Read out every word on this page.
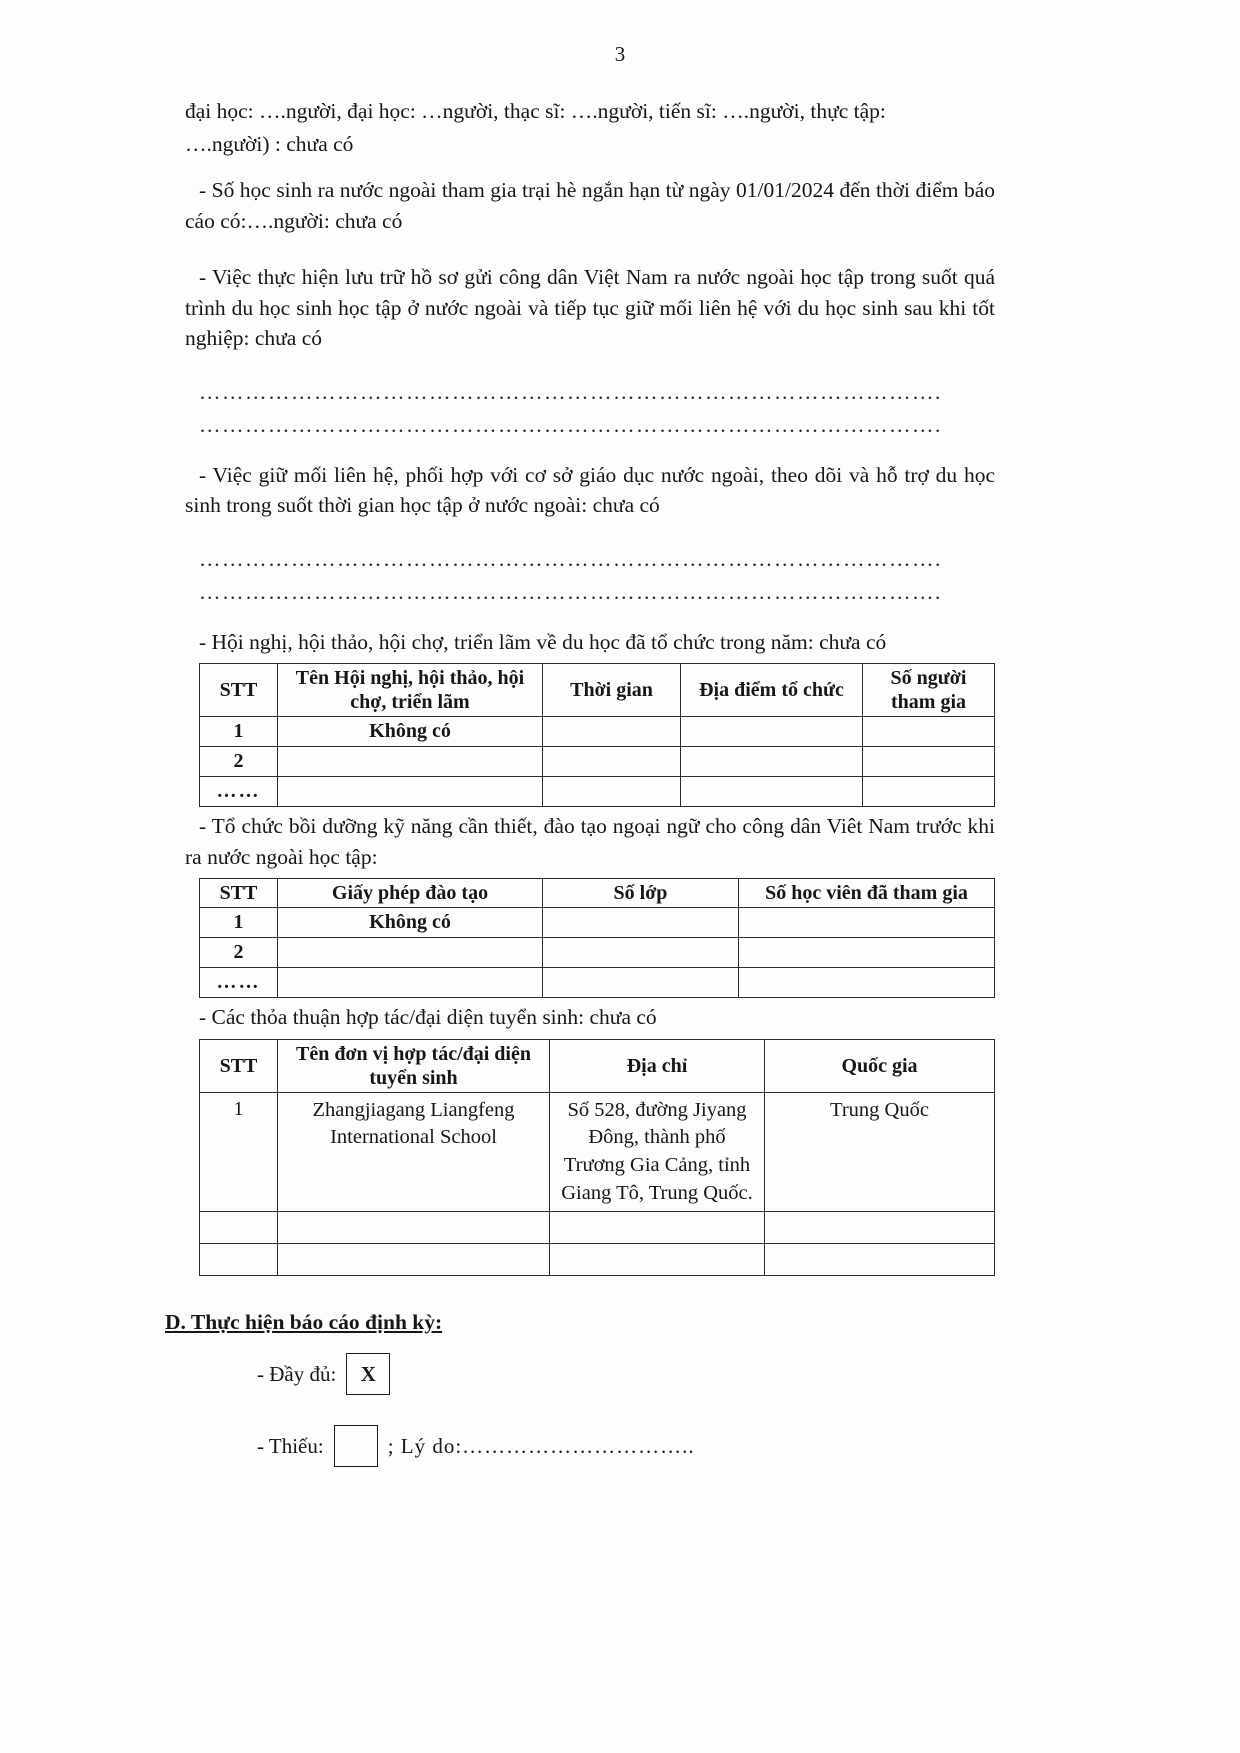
3

đại học: ….người, đại học: …người, thạc sĩ: ….người, tiến sĩ: ….người, thực tập:

….người) : chưa có

- Số học sinh ra nước ngoài tham gia trại hè ngắn hạn từ ngày 01/01/2024 đến thời điểm báo cáo có:….người: chưa có

- Việc thực hiện lưu trữ hồ sơ gửi công dân Việt Nam ra nước ngoài học tập trong suốt quá trình du học sinh học tập ở nước ngoài và tiếp tục giữ mối liên hệ với du học sinh sau khi tốt nghiệp: chưa có

…………………………………………………………………………………….
…………………………………………………………………………………….

- Việc giữ mối liên hệ, phối hợp với cơ sở giáo dục nước ngoài, theo dõi và hỗ trợ du học sinh trong suốt thời gian học tập ở nước ngoài: chưa có

…………………………………………………………………………………….
…………………………………………………………………………………….

- Hội nghị, hội thảo, hội chợ, triển lãm về du học đã tổ chức trong năm: chưa có

STT	Tên Hội nghị, hội thảo, hội chợ, triển lãm	Thời gian	Địa điểm tổ chức	Số người tham gia
1	Không có			
2				
……				

- Tổ chức bồi dưỡng kỹ năng cần thiết, đào tạo ngoại ngữ cho công dân Viêt Nam trước khi ra nước ngoài học tập:

STT	Giấy phép đào tạo	Số lớp	Số học viên đã tham gia
1	Không có		
2			
……			

- Các thỏa thuận hợp tác/đại diện tuyển sinh: chưa có

STT	Tên đơn vị hợp tác/đại diện tuyển sinh	Địa chỉ	Quốc gia
1	Zhangjiagang Liangfeng International School	Số 528, đường Jiyang Đông, thành phố Trương Gia Cảng, tỉnh Giang Tô, Trung Quốc.	Trung Quốc

D. Thực hiện báo cáo định kỳ:
- Đầy đủ:	X
- Thiếu:	; Lý do:…………………………..
